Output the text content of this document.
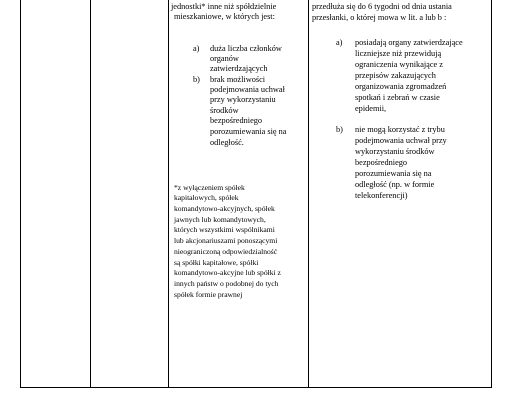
jednostki* inne niż spółdzielnie
mieszkaniowe, w których jest:
a) duża liczba członków
organów
zatwierdzających
b) brak możliwości
podejmowania uchwał
przy wykorzystaniu
środków
bezpośredniego
porozumiewania się na
odległość.
*z wyłączeniem spółek
kapitałowych, spółek
komandytowo-akcyjnych, spółek
jawnych lub komandytowych,
których wszystkimi wspólnikami
lub akcjonariuszami ponoszącymi
nieograniczoną odpowiedzialność
są spółki kapitałowe, spółki
komandytowo-akcyjne lub spółki z
innych państw o podobnej do tych
spółek formie prawnej
przedłuża się do 6 tygodni od dnia ustania
przesłanki, o której mowa w lit. a lub b :
a) posiadają organy zatwierdzające
liczniejsze niż przewidują
ograniczenia wynikające z
przepisów zakazujących
organizowania zgromadzeń
spotkań i zebrań w czasie
epidemii,
b) nie mogą korzystać z trybu
podejmowania uchwał przy
wykorzystaniu środków
bezpośredniego
porozumiewania się na
odległość (np. w formie
telekonferencji)
